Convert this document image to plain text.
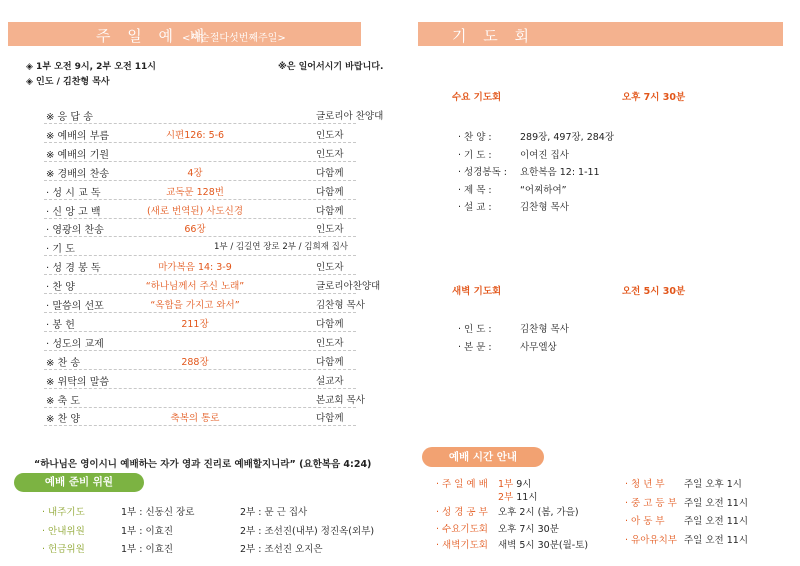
주 일 예 배
<사순절다섯번째주일>
◈ 1부 오전 9시, 2부 오전 11시	※은 일어서시기 바랍니다.
◈ 인도 / 김찬형 목사
※ 응 답 송	글로리아 찬양대
※ 예배의 부름	시편126: 5-6	인도자
※ 예배의 기원	인도자
※ 경배의 찬송	4장	다함께
· 성 시 교 독	교독문 128번	다함께
· 신 앙 고 백	(새로 번역된) 사도신경	다함께
· 영광의 찬송	66장	인도자
· 기 도	1부 / 김길연 장로 2부 / 김희재 집사
· 성 경 봉 독	마가복음 14: 3-9	인도자
· 찬 양	“하나님께서 주신 노래”	글로리아찬양대
· 말씀의 선포	“옥합을 가지고 와서”	김찬형 목사
· 봉 헌	211장	다함께
· 성도의 교제	인도자
※ 찬 송	288장	다함께
※ 위탁의 말씀	설교자
※ 축 도	본교회 목사
※ 찬 양	축복의 통로	다함께
“하나님은 영이시니 예배하는 자가 영과 진리로 예배할지니라” (요한복음 4:24)
예배 준비 위원
· 내주기도	1부 : 신동신 장로	2부 : 문 근 집사
· 안내위원	1부 : 이효진	2부 : 조선진(내부) 정진옥(외부)
· 헌금위원	1부 : 이효진	2부 : 조선진 오지은
기 도 회
수요 기도회	오후 7시 30분
· 찬 양 :	289장, 497장, 284장
· 기 도 :	이여진 집사
· 성경봉독 : 요한복음 12: 1-11
· 제 목 :	“어찌하여”
· 설 교 :	김찬형 목사
새벽 기도회	오전 5시 30분
· 인 도 :	김찬형 목사
· 본 문 :	사무엘상
예배 시간 안내
· 주 일 예 배 1부 9시
2부 11시
· 성 경 공 부 오후 2시 (봄, 가을)
· 수요기도회 오후 7시 30분
· 새벽기도회 새벽 5시 30분(월-토)
· 청 년 부 주일 오후 1시
· 중 고 등 부 주일 오전 11시
· 아 동 부 주일 오전 11시
· 유아유치부 주일 오전 11시
